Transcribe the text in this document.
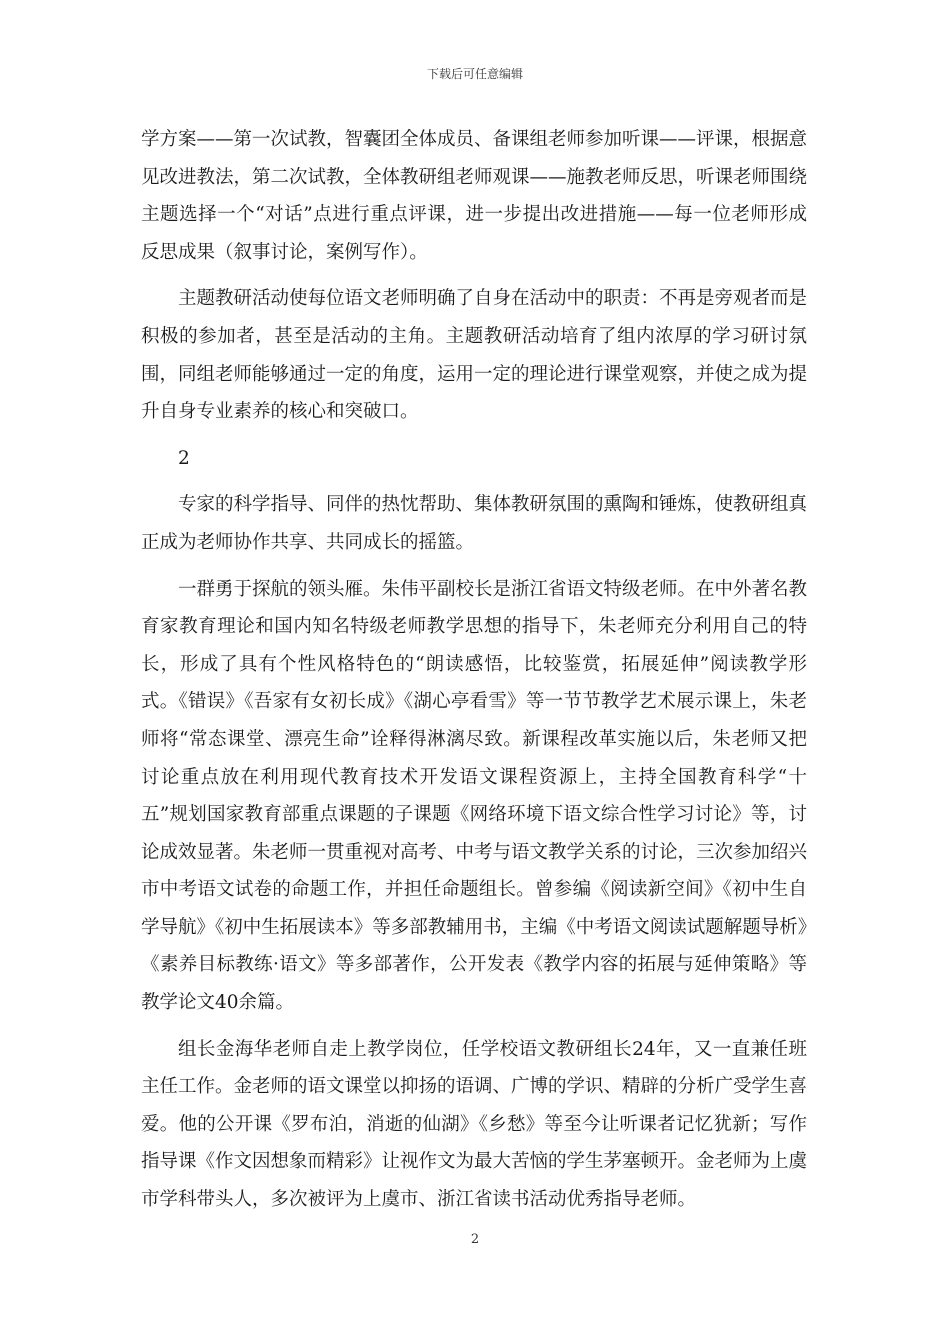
下载后可任意编辑

学方案——第一次试教，智囊团全体成员、备课组老师参加听课——评课，根据意见改进教法，第二次试教，全体教研组老师观课——施教老师反思，听课老师围绕主题选择一个“对话”点进行重点评课，进一步提出改进措施——每一位老师形成反思成果（叙事讨论，案例写作）。

主题教研活动使每位语文老师明确了自身在活动中的职责：不再是旁观者而是积极的参加者，甚至是活动的主角。主题教研活动培育了组内浓厚的学习研讨氛围，同组老师能够通过一定的角度，运用一定的理论进行课堂观察，并使之成为提升自身专业素养的核心和突破口。

2

专家的科学指导、同伴的热忱帮助、集体教研氛围的熏陶和锤炼，使教研组真正成为老师协作共享、共同成长的摇篮。

一群勇于探航的领头雁。朱伟平副校长是浙江省语文特级老师。在中外著名教育家教育理论和国内知名特级老师教学思想的指导下，朱老师充分利用自己的特长，形成了具有个性风格特色的“朗读感悟，比较鉴赏，拓展延伸”阅读教学形式。《错误》《吾家有女初长成》《湖心亭看雪》等一节节教学艺术展示课上，朱老师将“常态课堂、漂亮生命”诠释得淋漓尽致。新课程改革实施以后，朱老师又把讨论重点放在利用现代教育技术开发语文课程资源上，主持全国教育科学“十五”规划国家教育部重点课题的子课题《网络环境下语文综合性学习讨论》等，讨论成效显著。朱老师一贯重视对高考、中考与语文教学关系的讨论，三次参加绍兴市中考语文试卷的命题工作，并担任命题组长。曾参编《阅读新空间》《初中生自学导航》《初中生拓展读本》等多部教辅用书，主编《中考语文阅读试题解题导析》《素养目标教练·语文》等多部著作，公开发表《教学内容的拓展与延伸策略》等教学论文40余篇。

组长金海华老师自走上教学岗位，任学校语文教研组长24年，又一直兼任班主任工作。金老师的语文课堂以抑扬的语调、广博的学识、精辟的分析广受学生喜爱。他的公开课《罗布泊，消逝的仙湖》《乡愁》等至今让听课者记忆犹新；写作指导课《作文因想象而精彩》让视作文为最大苦恼的学生茅塞顿开。金老师为上虞市学科带头人，多次被评为上虞市、浙江省读书活动优秀指导老师。

2
